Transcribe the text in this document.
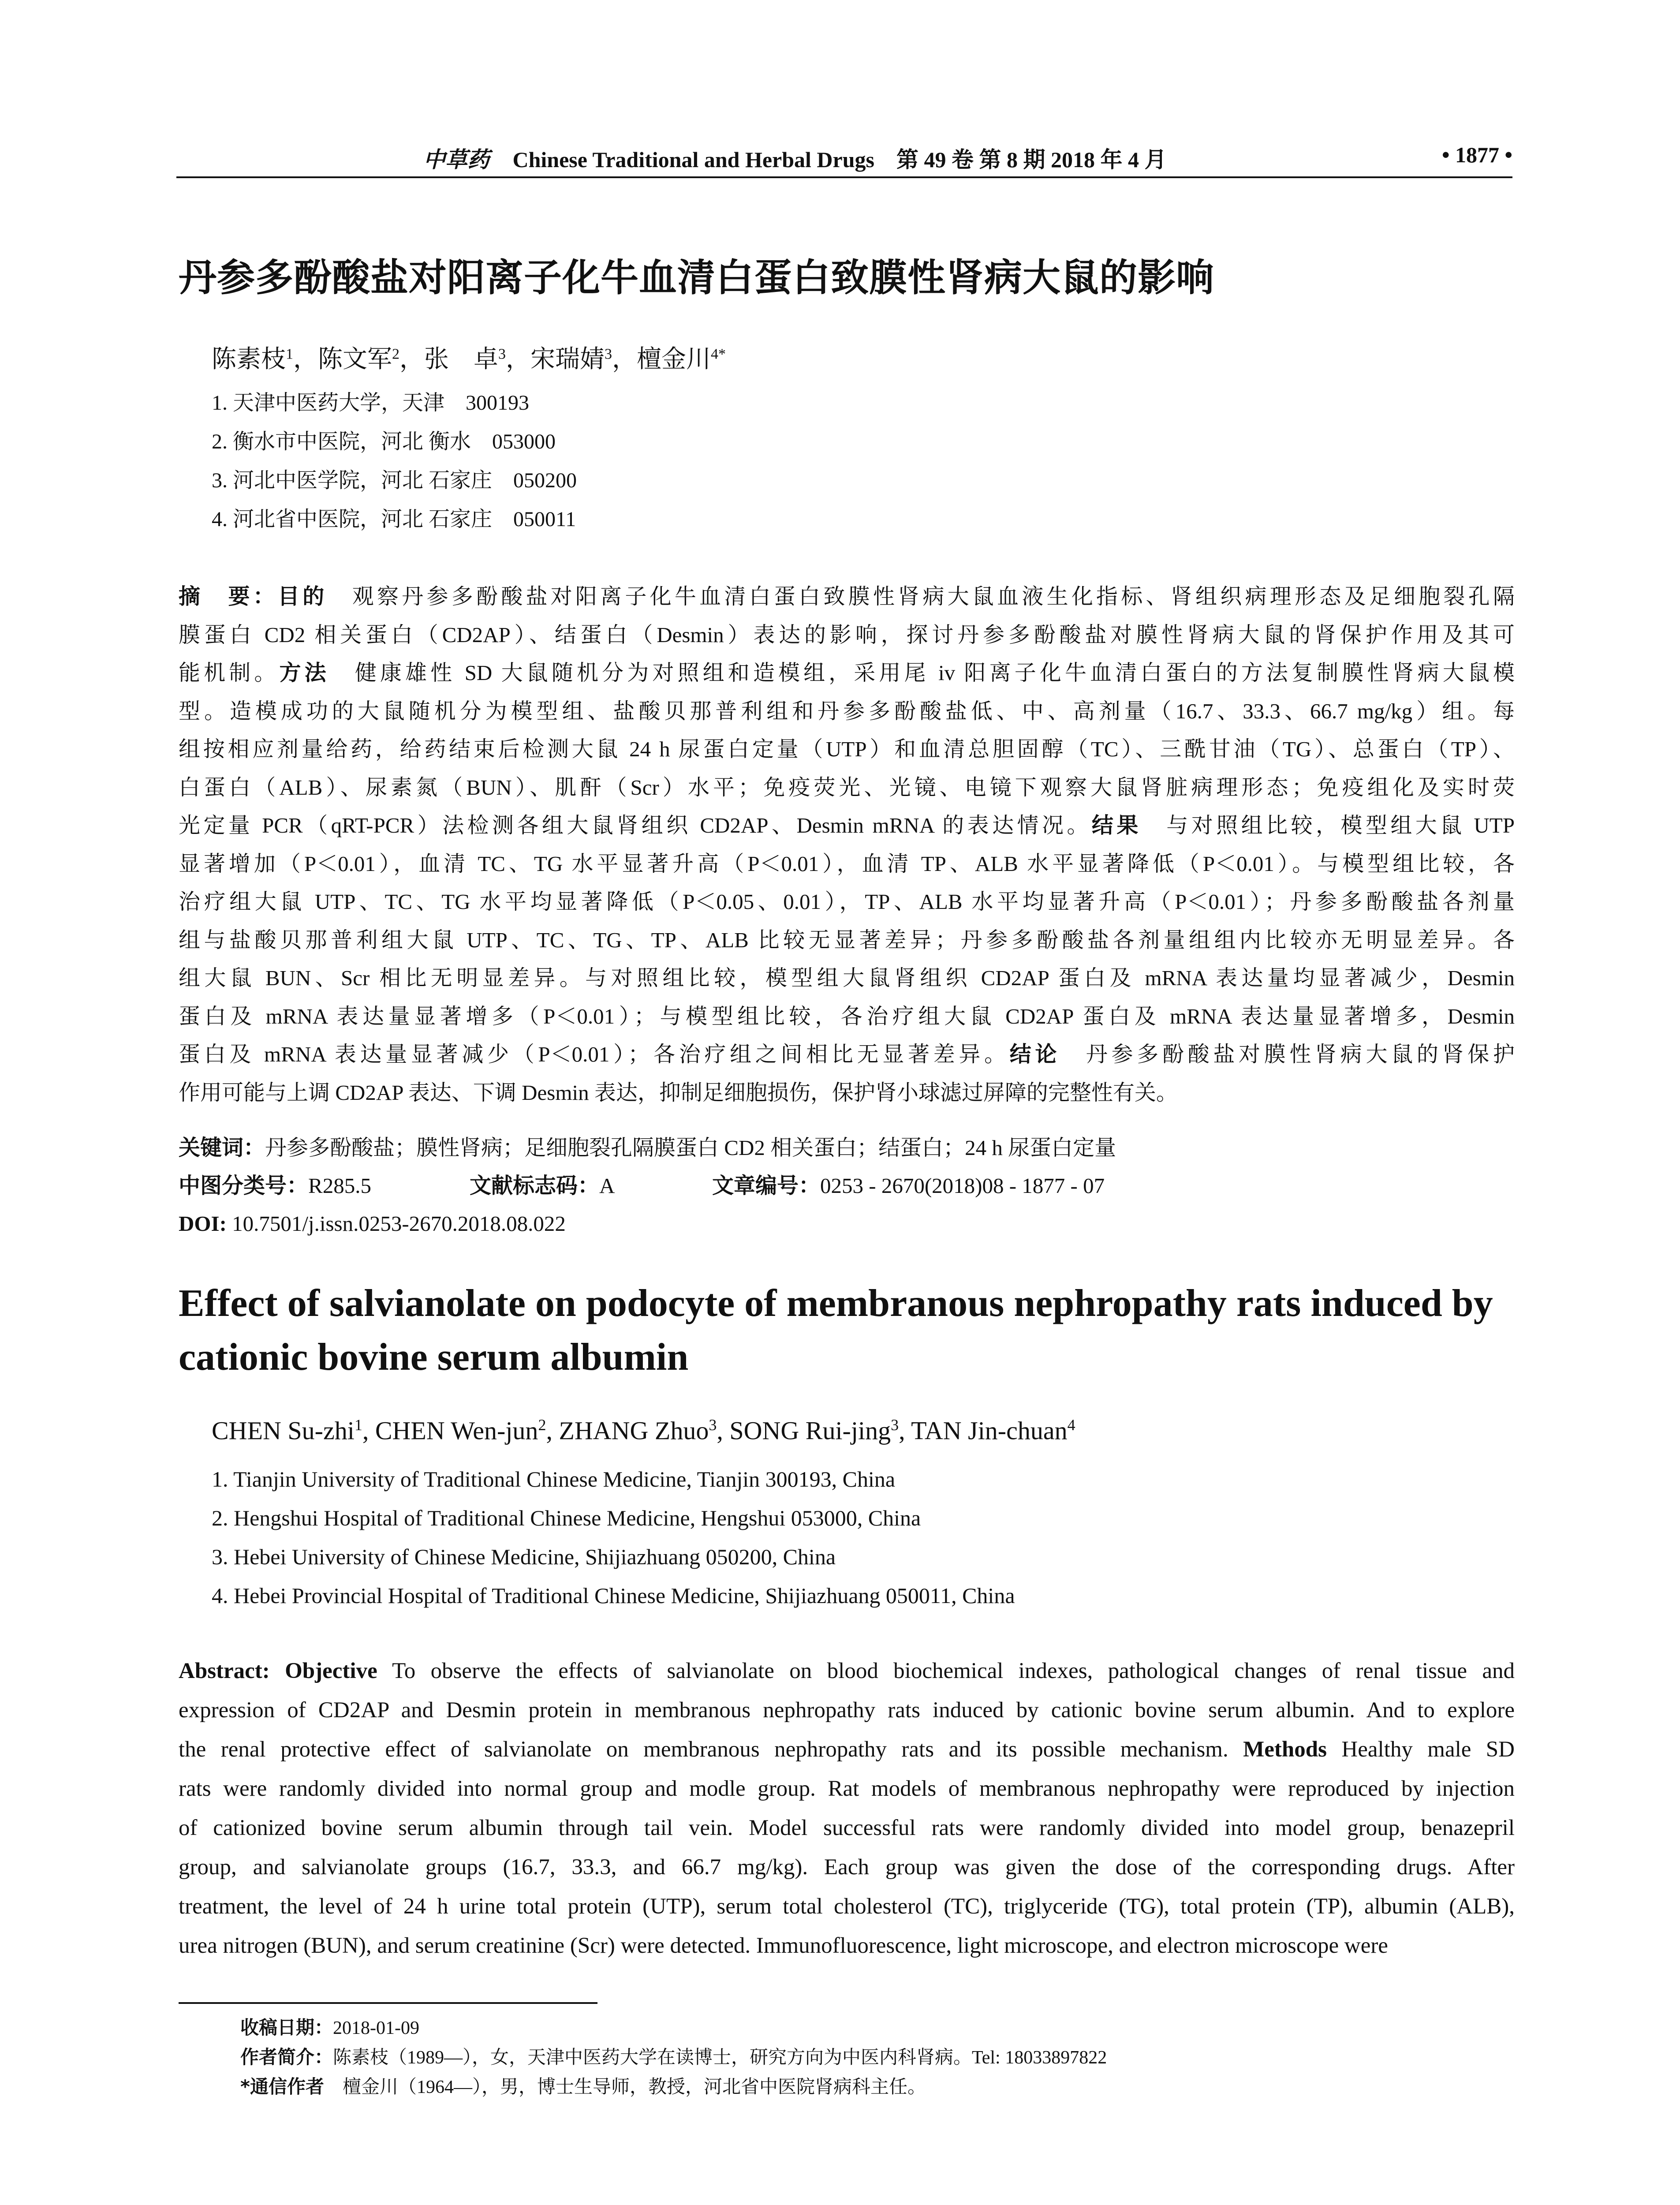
中草药 Chinese Traditional and Herbal Drugs 第 49 卷 第 8 期 2018 年 4 月	• 1877 •
丹参多酚酸盐对阳离子化牛血清白蛋白致膜性肾病大鼠的影响
陈素枝$^1$，陈文军$^2$，张　卓$^3$，宋瑞婧$^3$，檀金川$^{4*}$
1. 天津中医药大学，天津　300193
2. 衡水市中医院，河北 衡水　053000
3. 河北中医学院，河北 石家庄　050200
4. 河北省中医院，河北 石家庄　050011
摘　要：目的　观察丹参多酚酸盐对阳离子化牛血清白蛋白致膜性肾病大鼠血液生化指标、肾组织病理形态及足细胞裂孔隔
膜蛋白 CD2 相关蛋白（CD2AP）、结蛋白（Desmin）表达的影响，探讨丹参多酚酸盐对膜性肾病大鼠的肾保护作用及其可
能机制。方法　健康雄性 SD 大鼠随机分为对照组和造模组，采用尾 iv 阳离子化牛血清白蛋白的方法复制膜性肾病大鼠模
型。造模成功的大鼠随机分为模型组、盐酸贝那普利组和丹参多酚酸盐低、中、高剂量（16.7、33.3、66.7 mg/kg）组。每
组按相应剂量给药，给药结束后检测大鼠 24 h 尿蛋白定量（UTP）和血清总胆固醇（TC）、三酰甘油（TG）、总蛋白（TP）、
白蛋白（ALB）、尿素氮（BUN）、肌酐（Scr）水平；免疫荧光、光镜、电镜下观察大鼠肾脏病理形态；免疫组化及实时荧
光定量 PCR（qRT-PCR）法检测各组大鼠肾组织 CD2AP、Desmin mRNA 的表达情况。结果　与对照组比较，模型组大鼠 UTP
显著增加（P＜0.01），血清 TC、TG 水平显著升高（P＜0.01），血清 TP、ALB 水平显著降低（P＜0.01）。与模型组比较，各
治疗组大鼠 UTP、TC、TG 水平均显著降低（P＜0.05、0.01），TP、ALB 水平均显著升高（P＜0.01）；丹参多酚酸盐各剂量
组与盐酸贝那普利组大鼠 UTP、TC、TG、TP、ALB 比较无显著差异；丹参多酚酸盐各剂量组组内比较亦无明显差异。各
组大鼠 BUN、Scr 相比无明显差异。与对照组比较，模型组大鼠肾组织 CD2AP 蛋白及 mRNA 表达量均显著减少，Desmin
蛋白及 mRNA 表达量显著增多（P＜0.01）；与模型组比较，各治疗组大鼠 CD2AP 蛋白及 mRNA 表达量显著增多，Desmin
蛋白及 mRNA 表达量显著减少（P＜0.01）；各治疗组之间相比无显著差异。结论　丹参多酚酸盐对膜性肾病大鼠的肾保护
作用可能与上调 CD2AP 表达、下调 Desmin 表达，抑制足细胞损伤，保护肾小球滤过屏障的完整性有关。
关键词：丹参多酚酸盐；膜性肾病；足细胞裂孔隔膜蛋白 CD2 相关蛋白；结蛋白；24 h 尿蛋白定量
中图分类号：R285.5	文献标志码：A	文章编号：0253 - 2670(2018)08 - 1877 - 07
DOI: 10.7501/j.issn.0253-2670.2018.08.022
Effect of salvianolate on podocyte of membranous nephropathy rats induced by cationic bovine serum albumin
CHEN Su-zhi$^1$, CHEN Wen-jun$^2$, ZHANG Zhuo$^3$, SONG Rui-jing$^3$, TAN Jin-chuan$^4$
1. Tianjin University of Traditional Chinese Medicine, Tianjin 300193, China
2. Hengshui Hospital of Traditional Chinese Medicine, Hengshui 053000, China
3. Hebei University of Chinese Medicine, Shijiazhuang 050200, China
4. Hebei Provincial Hospital of Traditional Chinese Medicine, Shijiazhuang 050011, China
Abstract: Objective To observe the effects of salvianolate on blood biochemical indexes, pathological changes of renal tissue and
expression of CD2AP and Desmin protein in membranous nephropathy rats induced by cationic bovine serum albumin. And to explore
the renal protective effect of salvianolate on membranous nephropathy rats and its possible mechanism. Methods Healthy male SD
rats were randomly divided into normal group and modle group. Rat models of membranous nephropathy were reproduced by injection
of cationized bovine serum albumin through tail vein. Model successful rats were randomly divided into model group, benazepril
group, and salvianolate groups (16.7, 33.3, and 66.7 mg/kg). Each group was given the dose of the corresponding drugs. After
treatment, the level of 24 h urine total protein (UTP), serum total cholesterol (TC), triglyceride (TG), total protein (TP), albumin (ALB),
urea nitrogen (BUN), and serum creatinine (Scr) were detected. Immunofluorescence, light microscope, and electron microscope were
收稿日期：2018-01-09
作者简介：陈素枝（1989—），女，天津中医药大学在读博士，研究方向为中医内科肾病。Tel: 18033897822
*通信作者　檀金川（1964—），男，博士生导师，教授，河北省中医院肾病科主任。
